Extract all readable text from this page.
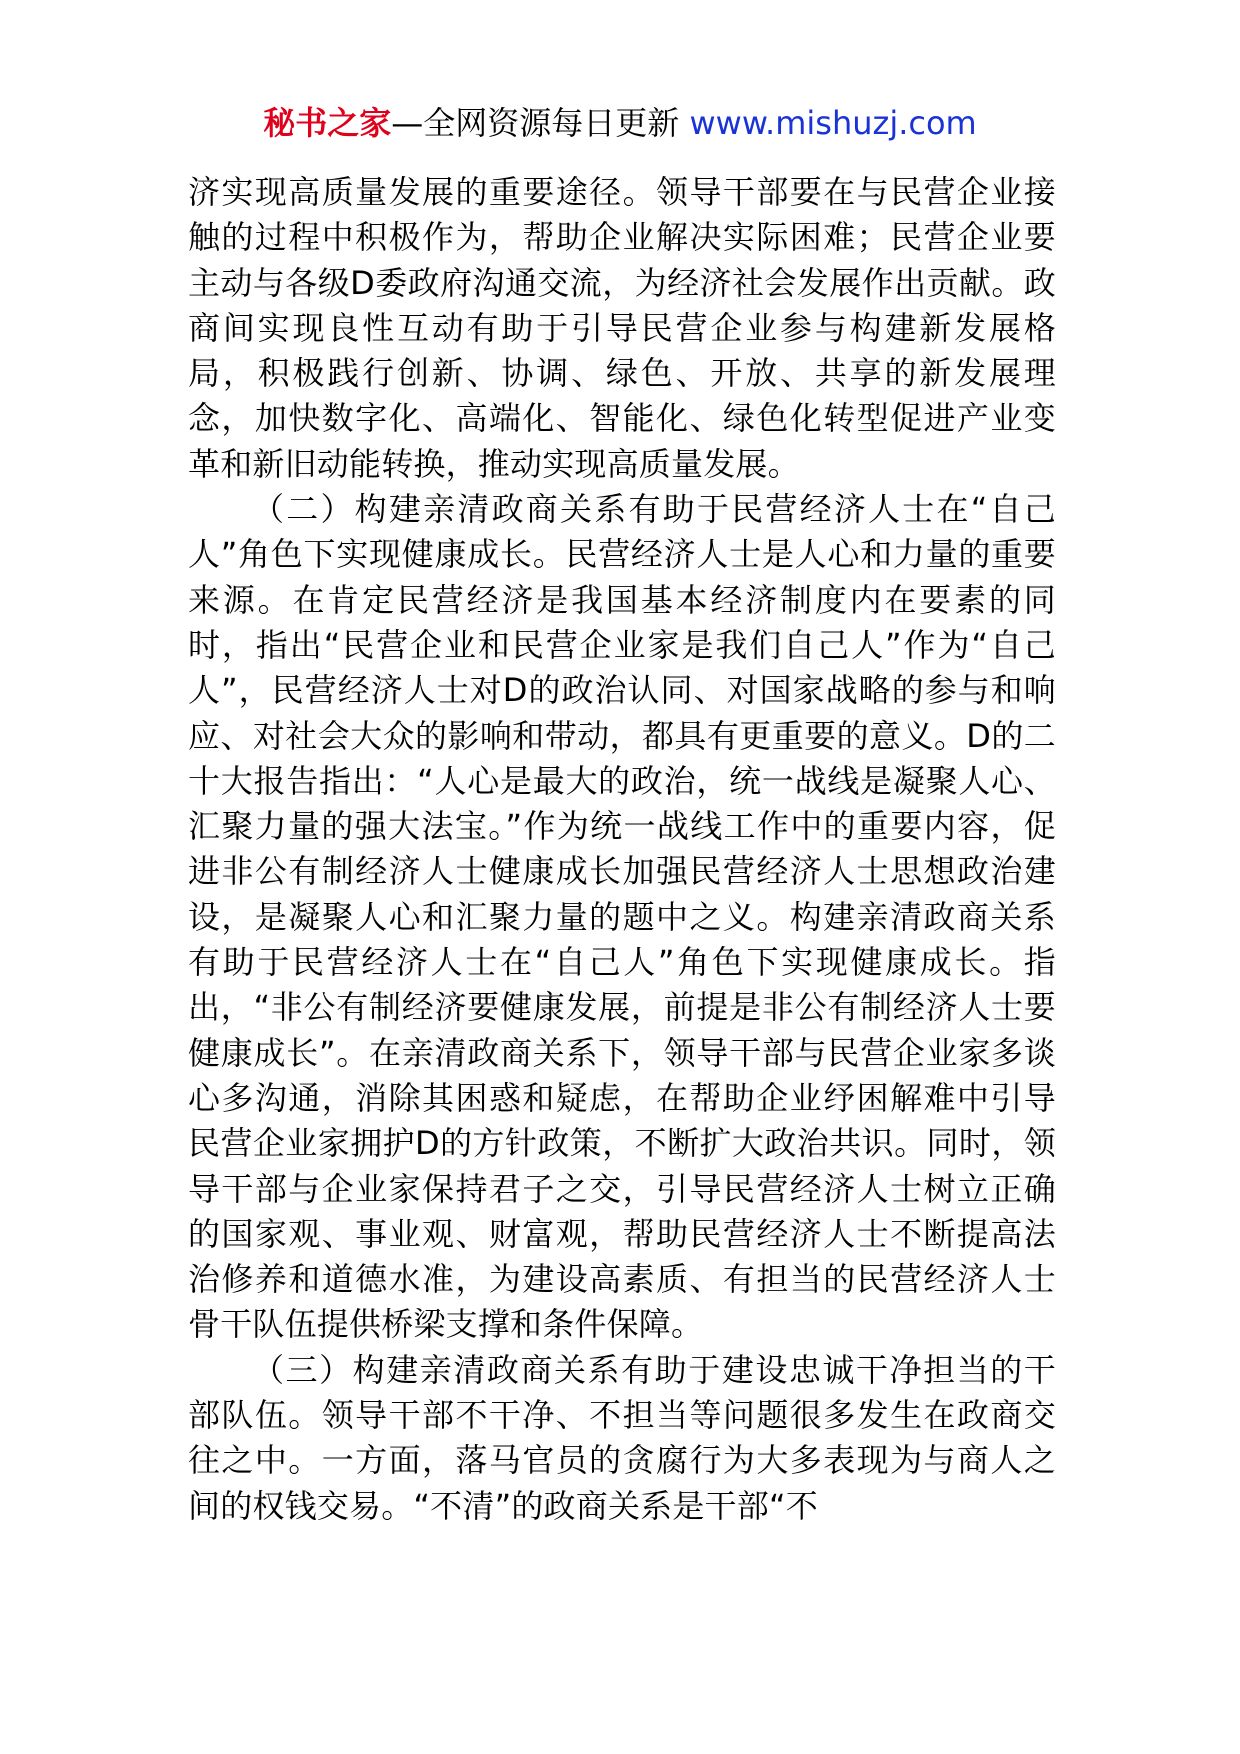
秘书之家—全网资源每日更新 www.mishuzj.com

济实现高质量发展的重要途径。领导干部要在与民营企业接触的过程中积极作为，帮助企业解决实际困难；民营企业要主动与各级D委政府沟通交流，为经济社会发展作出贡献。政商间实现良性互动有助于引导民营企业参与构建新发展格局，积极践行创新、协调、绿色、开放、共享的新发展理念，加快数字化、高端化、智能化、绿色化转型促进产业变革和新旧动能转换，推动实现高质量发展。

（二）构建亲清政商关系有助于民营经济人士在“自己人”角色下实现健康成长。民营经济人士是人心和力量的重要来源。在肯定民营经济是我国基本经济制度内在要素的同时，指出“民营企业和民营企业家是我们自己人”作为“自己人”，民营经济人士对D的政治认同、对国家战略的参与和响应、对社会大众的影响和带动，都具有更重要的意义。D的二十大报告指出：“人心是最大的政治，统一战线是凝聚人心、汇聚力量的强大法宝。”作为统一战线工作中的重要内容，促进非公有制经济人士健康成长加强民营经济人士思想政治建设，是凝聚人心和汇聚力量的题中之义。构建亲清政商关系有助于民营经济人士在“自己人”角色下实现健康成长。指出，“非公有制经济要健康发展，前提是非公有制经济人士要健康成长”。在亲清政商关系下，领导干部与民营企业家多谈心多沟通，消除其困惑和疑虑，在帮助企业纾困解难中引导民营企业家拥护D的方针政策，不断扩大政治共识。同时，领导干部与企业家保持君子之交，引导民营经济人士树立正确的国家观、事业观、财富观，帮助民营经济人士不断提高法治修养和道德水准，为建设高素质、有担当的民营经济人士骨干队伍提供桥梁支撑和条件保障。

（三）构建亲清政商关系有助于建设忠诚干净担当的干部队伍。领导干部不干净、不担当等问题很多发生在政商交往之中。一方面，落马官员的贪腐行为大多表现为与商人之间的权钱交易。“不清”的政商关系是干部“不
